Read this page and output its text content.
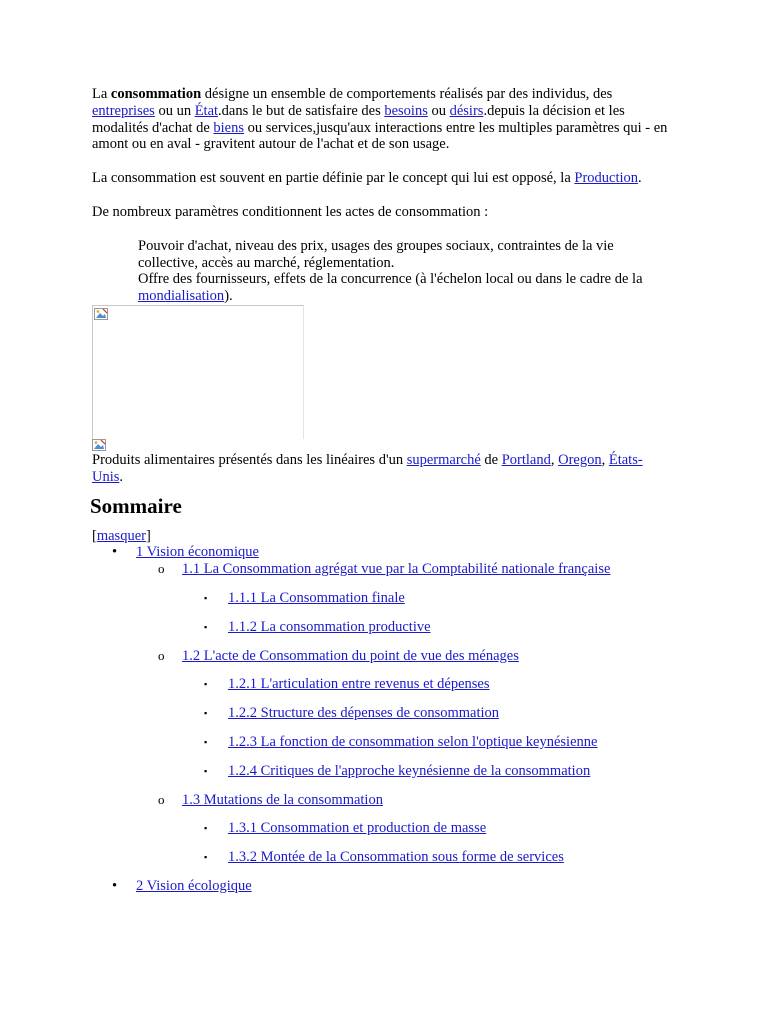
La consommation désigne un ensemble de comportements réalisés par des individus, des entreprises ou un État.dans le but de satisfaire des besoins ou désirs.depuis la décision et les modalités d'achat de biens ou services,jusqu'aux interactions entre les multiples paramètres qui - en amont ou en aval - gravitent autour de l'achat et de son usage.

La consommation est souvent en partie définie par le concept qui lui est opposé, la Production.

De nombreux paramètres conditionnent les actes de consommation :

Pouvoir d'achat, niveau des prix, usages des groupes sociaux, contraintes de la vie collective, accès au marché, réglementation.
Offre des fournisseurs, effets de la concurrence (à l'échelon local ou dans le cadre de la mondialisation).

Produits alimentaires présentés dans les linéaires d'un supermarché de Portland, Oregon, États-Unis.

Sommaire
[masquer]
• 1 Vision économique
o 1.1 La Consommation agrégat vue par la Comptabilité nationale française
▪ 1.1.1 La Consommation finale
▪ 1.1.2 La consommation productive
o 1.2 L'acte de Consommation du point de vue des ménages
▪ 1.2.1 L'articulation entre revenus et dépenses
▪ 1.2.2 Structure des dépenses de consommation
▪ 1.2.3 La fonction de consommation selon l'optique keynésienne
▪ 1.2.4 Critiques de l'approche keynésienne de la consommation
o 1.3 Mutations de la consommation
▪ 1.3.1 Consommation et production de masse
▪ 1.3.2 Montée de la Consommation sous forme de services
• 2 Vision écologique
